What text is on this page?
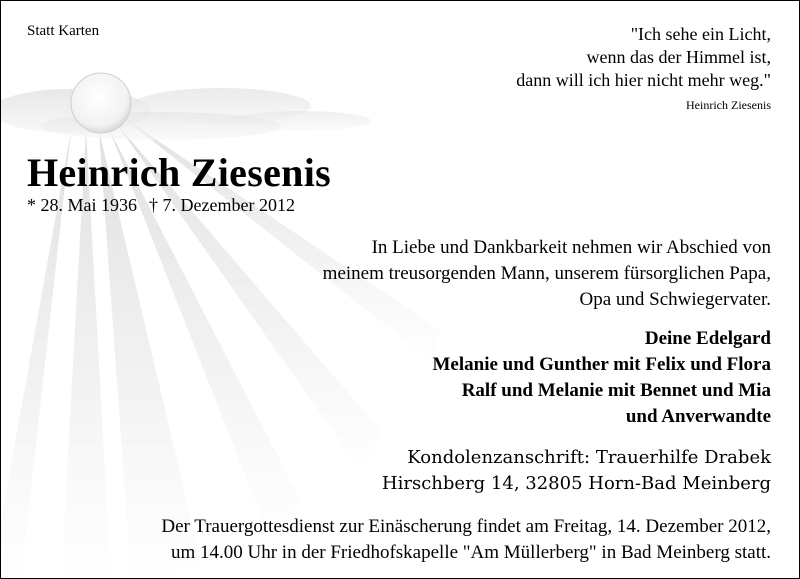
Statt Karten	"Ich sehe ein Licht,
wenn das der Himmel ist,
dann will ich hier nicht mehr weg."
Heinrich Ziesenis
Heinrich Ziesenis
* 28. Mai 1936 † 7. Dezember 2012
In Liebe und Dankbarkeit nehmen wir Abschied von
meinem treusorgenden Mann, unserem fürsorglichen Papa,
Opa und Schwiegervater.
Deine Edelgard
Melanie und Gunther mit Felix und Flora
Ralf und Melanie mit Bennet und Mia
und Anverwandte
Kondolenzanschrift: Trauerhilfe Drabek
Hirschberg 14, 32805 Horn-Bad Meinberg
Der Trauergottesdienst zur Einäscherung findet am Freitag, 14. Dezember 2012,
um 14.00 Uhr in der Friedhofskapelle "Am Müllerberg" in Bad Meinberg statt.
